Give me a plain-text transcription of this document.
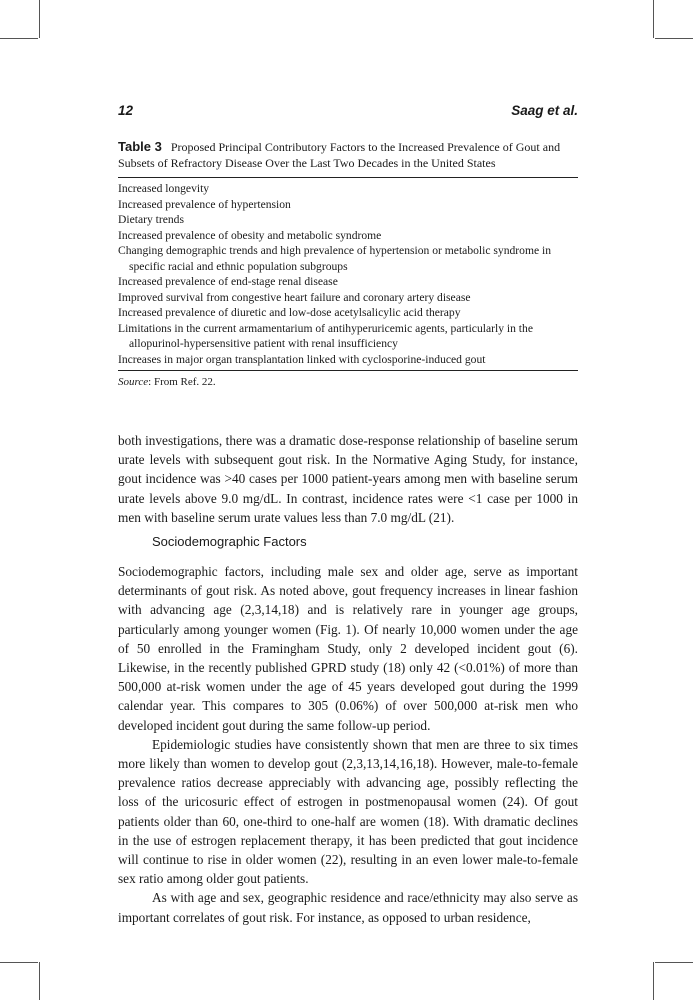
12	Saag et al.
Table 3 Proposed Principal Contributory Factors to the Increased Prevalence of Gout and Subsets of Refractory Disease Over the Last Two Decades in the United States
Increased longevity
Increased prevalence of hypertension
Dietary trends
Increased prevalence of obesity and metabolic syndrome
Changing demographic trends and high prevalence of hypertension or metabolic syndrome in specific racial and ethnic population subgroups
Increased prevalence of end-stage renal disease
Improved survival from congestive heart failure and coronary artery disease
Increased prevalence of diuretic and low-dose acetylsalicylic acid therapy
Limitations in the current armamentarium of antihyperuricemic agents, particularly in the allopurinol-hypersensitive patient with renal insufficiency
Increases in major organ transplantation linked with cyclosporine-induced gout
Source: From Ref. 22.

both investigations, there was a dramatic dose-response relationship of baseline serum urate levels with subsequent gout risk. In the Normative Aging Study, for instance, gout incidence was >40 cases per 1000 patient-years among men with baseline serum urate levels above 9.0 mg/dL. In contrast, incidence rates were <1 case per 1000 in men with baseline serum urate values less than 7.0 mg/dL (21).

Sociodemographic Factors

Sociodemographic factors, including male sex and older age, serve as important determinants of gout risk. As noted above, gout frequency increases in linear fashion with advancing age (2,3,14,18) and is relatively rare in younger age groups, particularly among younger women (Fig. 1). Of nearly 10,000 women under the age of 50 enrolled in the Framingham Study, only 2 developed incident gout (6). Likewise, in the recently published GPRD study (18) only 42 (<0.01%) of more than 500,000 at-risk women under the age of 45 years developed gout during the 1999 calendar year. This compares to 305 (0.06%) of over 500,000 at-risk men who developed incident gout during the same follow-up period.

Epidemiologic studies have consistently shown that men are three to six times more likely than women to develop gout (2,3,13,14,16,18). However, male-to-female prevalence ratios decrease appreciably with advancing age, possibly reflecting the loss of the uricosuric effect of estrogen in postmenopausal women (24). Of gout patients older than 60, one-third to one-half are women (18). With dramatic declines in the use of estrogen replacement therapy, it has been predicted that gout incidence will continue to rise in older women (22), resulting in an even lower male-to-female sex ratio among older gout patients.

As with age and sex, geographic residence and race/ethnicity may also serve as important correlates of gout risk. For instance, as opposed to urban residence,
